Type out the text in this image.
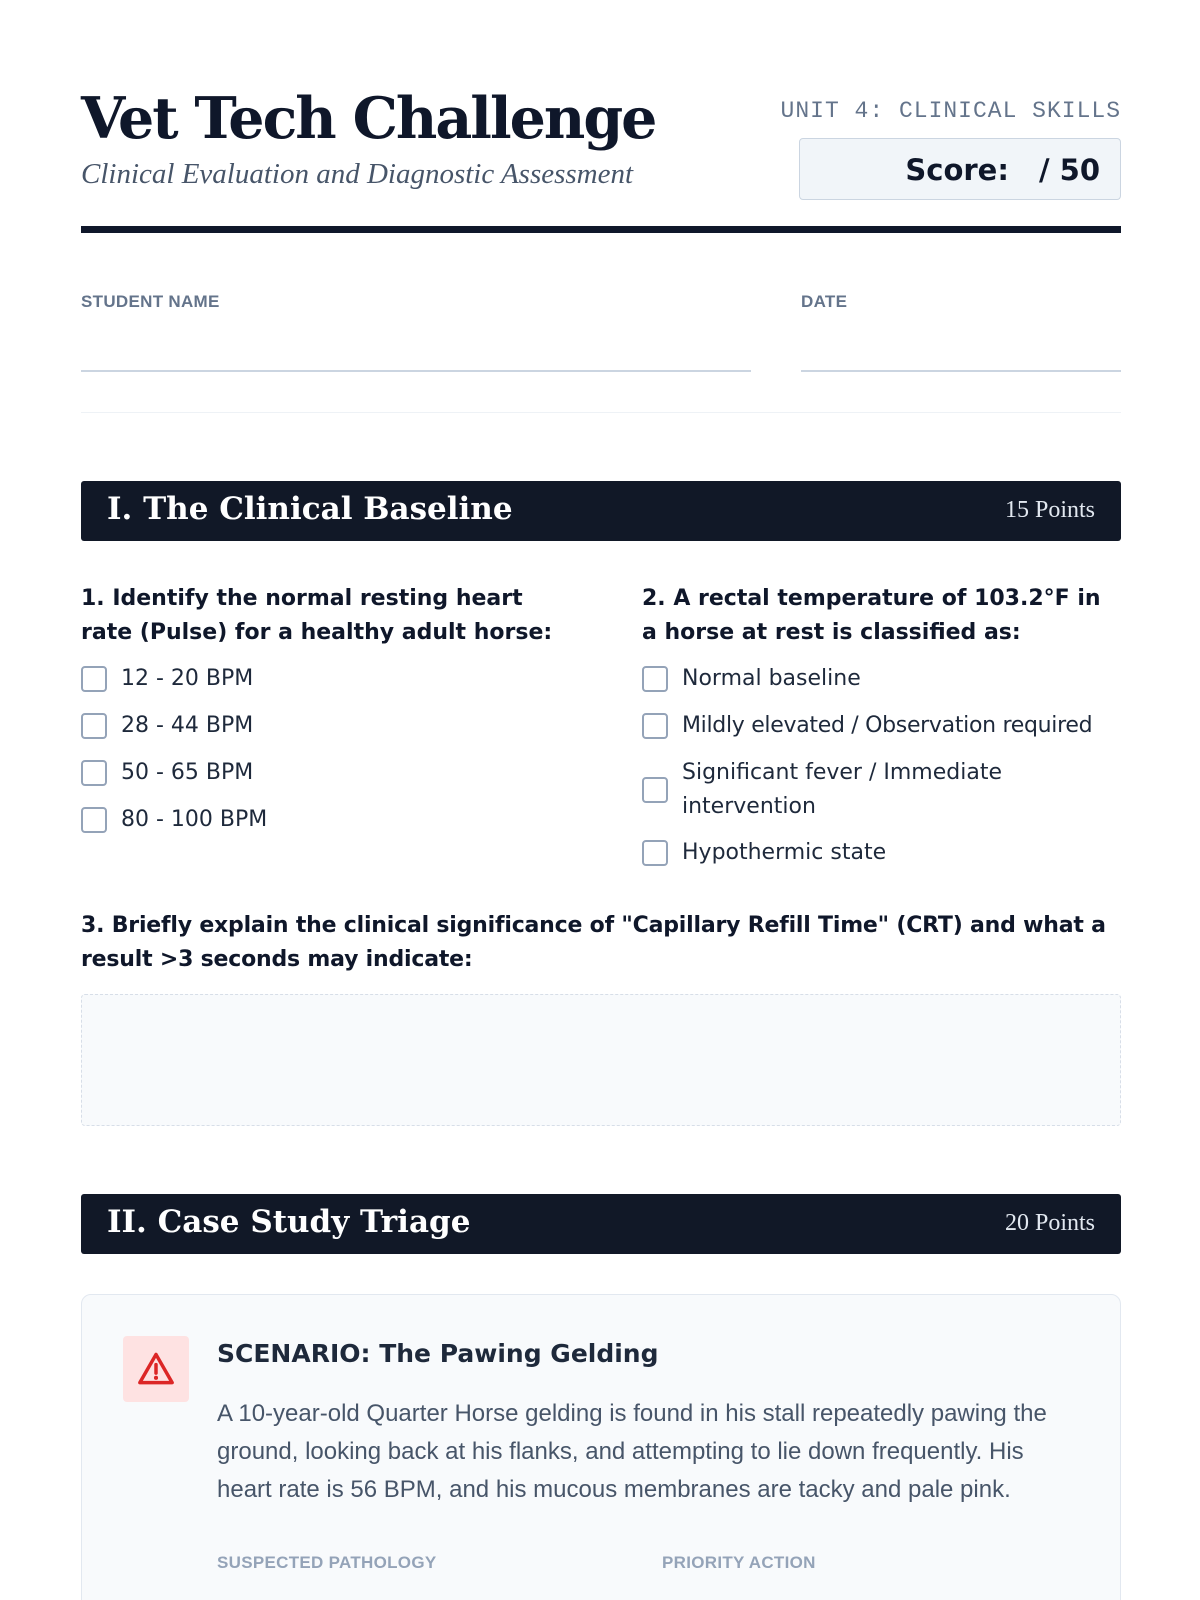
Vet Tech Challenge
Clinical Evaluation and Diagnostic Assessment
UNIT 4: CLINICAL SKILLS
Score: / 50
STUDENT NAME	DATE
I. The Clinical Baseline	15 Points
1. Identify the normal resting heart rate (Pulse) for a healthy adult horse:
12 - 20 BPM
28 - 44 BPM
50 - 65 BPM
80 - 100 BPM
2. A rectal temperature of 103.2°F in a horse at rest is classified as:
Normal baseline
Mildly elevated / Observation required
Significant fever / Immediate intervention
Hypothermic state
3. Briefly explain the clinical significance of "Capillary Refill Time" (CRT) and what a result >3 seconds may indicate:
II. Case Study Triage	20 Points
SCENARIO: The Pawing Gelding
A 10-year-old Quarter Horse gelding is found in his stall repeatedly pawing the ground, looking back at his flanks, and attempting to lie down frequently. His heart rate is 56 BPM, and his mucous membranes are tacky and pale pink.
SUSPECTED PATHOLOGY	PRIORITY ACTION
